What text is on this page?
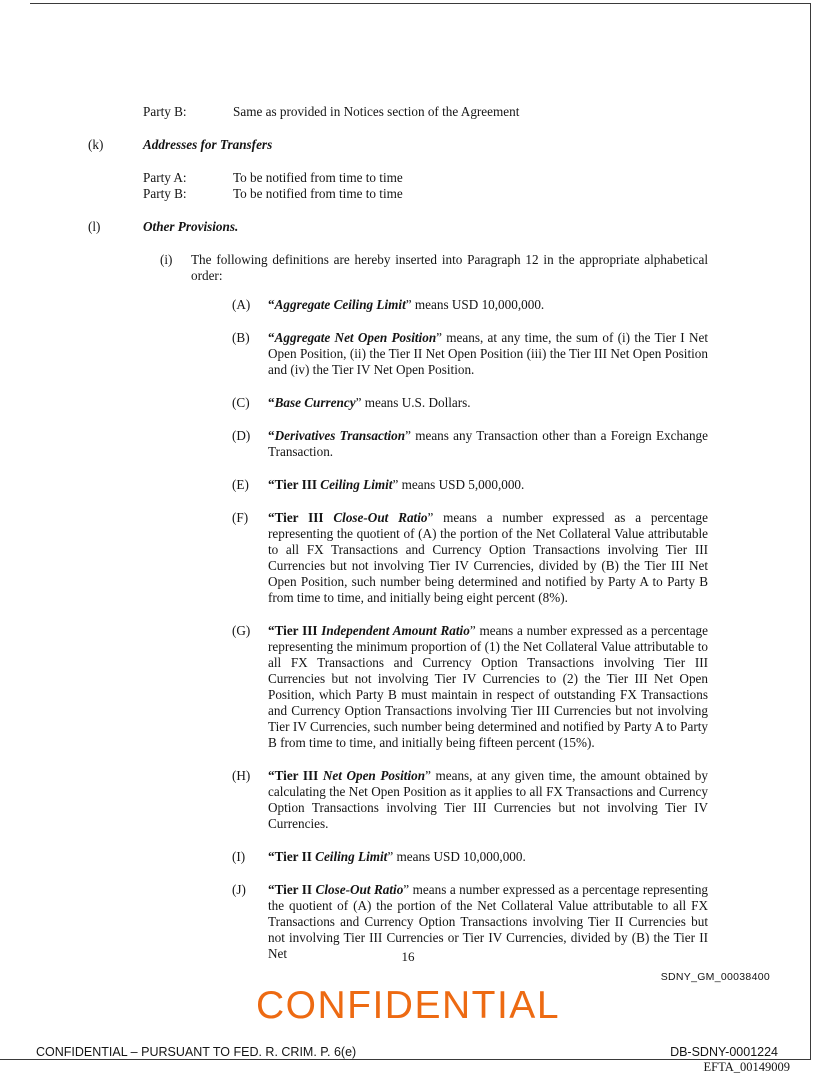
Party B:	Same as provided in Notices section of the Agreement
(k)	Addresses for Transfers
Party A:	To be notified from time to time
Party B:	To be notified from time to time
(l)	Other Provisions.
(i)	The following definitions are hereby inserted into Paragraph 12 in the appropriate alphabetical order:
(A)	“Aggregate Ceiling Limit” means USD 10,000,000.

(B)	“Aggregate Net Open Position” means, at any time, the sum of (i) the Tier I Net Open Position, (ii) the Tier II Net Open Position (iii) the Tier III Net Open Position and (iv) the Tier IV Net Open Position.

(C)	“Base Currency” means U.S. Dollars.

(D)	“Derivatives Transaction” means any Transaction other than a Foreign Exchange Transaction.

(E)	“Tier III Ceiling Limit” means USD 5,000,000.

(F)	“Tier III Close-Out Ratio” means a number expressed as a percentage representing the quotient of (A) the portion of the Net Collateral Value attributable to all FX Transactions and Currency Option Transactions involving Tier III Currencies but not involving Tier IV Currencies, divided by (B) the Tier III Net Open Position, such number being determined and notified by Party A to Party B from time to time, and initially being eight percent (8%).

(G)	“Tier III Independent Amount Ratio” means a number expressed as a percentage representing the minimum proportion of (1) the Net Collateral Value attributable to all FX Transactions and Currency Option Transactions involving Tier III Currencies but not involving Tier IV Currencies to (2) the Tier III Net Open Position, which Party B must maintain in respect of outstanding FX Transactions and Currency Option Transactions involving Tier III Currencies but not involving Tier IV Currencies, such number being determined and notified by Party A to Party B from time to time, and initially being fifteen percent (15%).

(H)	“Tier III Net Open Position” means, at any given time, the amount obtained by calculating the Net Open Position as it applies to all FX Transactions and Currency Option Transactions involving Tier III Currencies but not involving Tier IV Currencies.

(I)	“Tier II Ceiling Limit” means USD 10,000,000.

(J)	“Tier II Close-Out Ratio” means a number expressed as a percentage representing the quotient of (A) the portion of the Net Collateral Value attributable to all FX Transactions and Currency Option Transactions involving Tier II Currencies but not involving Tier III Currencies or Tier IV Currencies, divided by (B) the Tier II Net	16
SDNY_GM_00038400
CONFIDENTIAL
CONFIDENTIAL – PURSUANT TO FED. R. CRIM. P. 6(e)	DB-SDNY-0001224
EFTA_00149009
